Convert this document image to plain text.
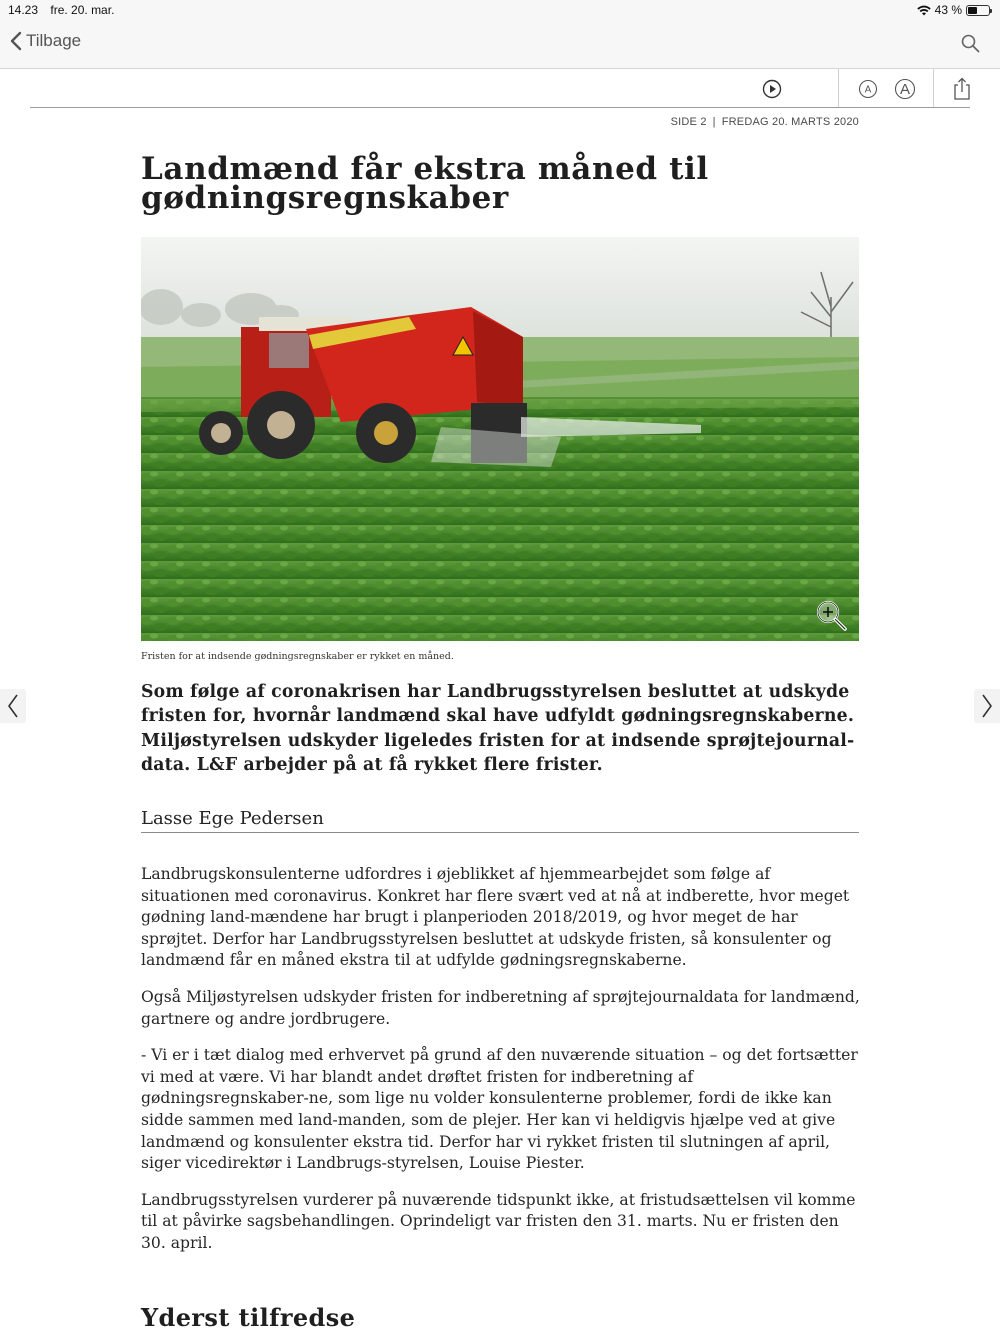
14.23 fre. 20. mar.	43 %
Tilbage
A A
SIDE 2 | FREDAG 20. MARTS 2020
Landmænd får ekstra måned til gødningsregnskaber
Fristen for at indsende gødningsregnskaber er rykket en måned.

Som følge af coronakrisen har Landbrugsstyrelsen besluttet at udskyde fristen for, hvornår landmænd skal have udfyldt gødningsregnskaberne. Miljøstyrelsen udskyder ligeledes fristen for at indsende sprøjtejournal-data. L&F arbejder på at få rykket flere frister.

Lasse Ege Pedersen

Landbrugskonsulenterne udfordres i øjeblikket af hjemmearbejdet som følge af situationen med coronavirus. Konkret har flere svært ved at nå at indberette, hvor meget gødning land-mændene har brugt i planperioden 2018/2019, og hvor meget de har sprøjtet. Derfor har Landbrugsstyrelsen besluttet at udskyde fristen, så konsulenter og landmænd får en måned ekstra til at udfylde gødningsregnskaberne.

Også Miljøstyrelsen udskyder fristen for indberetning af sprøjtejournaldata for landmænd, gartnere og andre jordbrugere.

- Vi er i tæt dialog med erhvervet på grund af den nuværende situation – og det fortsætter vi med at være. Vi har blandt andet drøftet fristen for indberetning af gødningsregnskaber-ne, som lige nu volder konsulenterne problemer, fordi de ikke kan sidde sammen med land-manden, som de plejer. Her kan vi heldigvis hjælpe ved at give landmænd og konsulenter ekstra tid. Derfor har vi rykket fristen til slutningen af april, siger vicedirektør i Landbrugs-styrelsen, Louise Piester.

Landbrugsstyrelsen vurderer på nuværende tidspunkt ikke, at fristudsættelsen vil komme til at påvirke sagsbehandlingen. Oprindeligt var fristen den 31. marts. Nu er fristen den 30. april.

Yderst tilfredse
